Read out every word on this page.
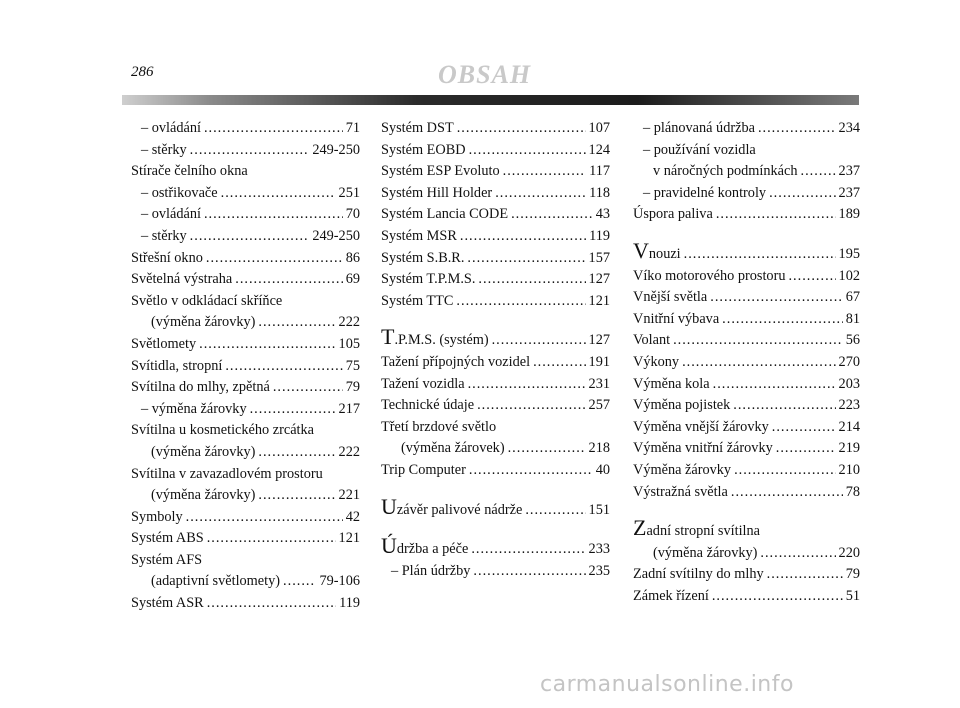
286	OBSAH
– ovládání .....	71
– stěrky .....	249-250
Stírače čelního okna
– ostřikovače .....	251
– ovládání .....	70
– stěrky .....	249-250
Střešní okno .....	86
Světelná výstraha .....	69
Světlo v odkládací skříňce
(výměna žárovky) .....	222
Světlomety .....	105
Svítidla, stropní .....	75
Svítilna do mlhy, zpětná .....	79
– výměna žárovky .....	217
Svítilna u kosmetického zrcátka
(výměna žárovky) .....	222
Svítilna v zavazadlovém prostoru
(výměna žárovky) .....	221
Symboly .....	42
Systém ABS .....	121
Systém AFS
(adaptivní světlomety) .....	79-106
Systém ASR .....	119
Systém DST .....	107
Systém EOBD .....	124
Systém ESP Evoluto .....	117
Systém Hill Holder .....	118
Systém Lancia CODE .....	43
Systém MSR .....	119
Systém S.B.R. .....	157
Systém T.P.M.S. .....	127
Systém TTC .....	121
T .P.M.S. (systém) .....	127
Tažení přípojných vozidel .....	191
Tažení vozidla .....	231
Technické údaje .....	257
Třetí brzdové světlo
(výměna žárovek) .....	218
Trip Computer .....	40
U závěr palivové nádrže .....	151
Ú držba a péče .....	233
– Plán údržby .....	235
– plánovaná údržba .....	234
– používání vozidla
v náročných podmínkách .....	237
– pravidelné kontroly .....	237
Úspora paliva .....	189
V nouzi .....	195
Víko motorového prostoru .....	102
Vnější světla .....	67
Vnitřní výbava .....	81
Volant .....	56
Výkony .....	270
Výměna kola .....	203
Výměna pojistek .....	223
Výměna vnější žárovky .....	214
Výměna vnitřní žárovky .....	219
Výměna žárovky .....	210
Výstražná světla .....	78
Z adní stropní svítilna
(výměna žárovky) .....	220
Zadní svítilny do mlhy .....	79
Zámek řízení .....	51
carmanualsonline.info
